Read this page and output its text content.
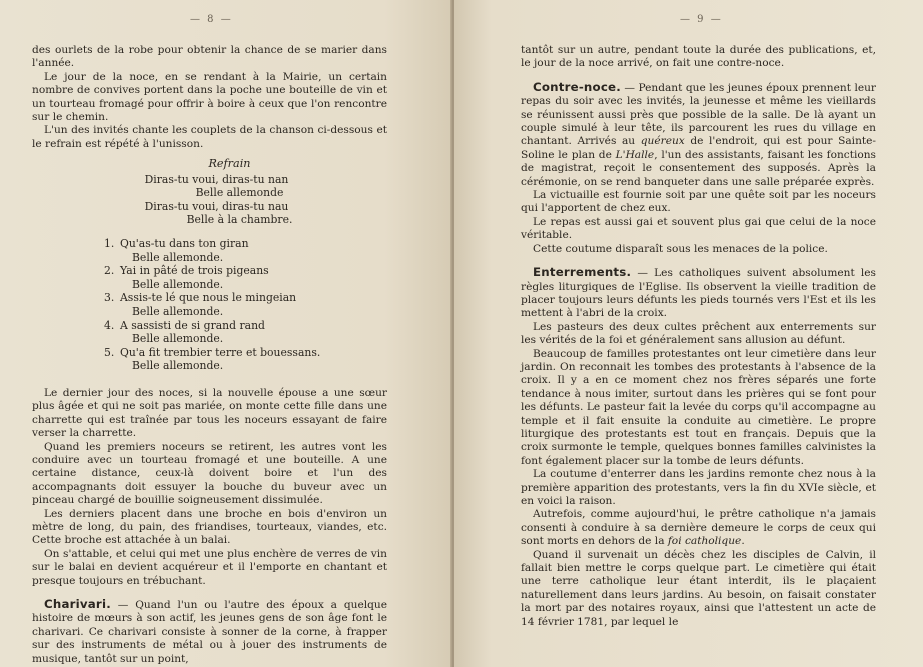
— 8 —

des ourlets de la robe pour obtenir la chance de se marier dans l'année.

Le jour de la noce, en se rendant à la Mairie, un certain nombre de convives portent dans la poche une bouteille de vin et un tourteau fromagé pour offrir à boire à ceux que l'on rencontre sur le chemin.

L'un des invités chante les couplets de la chanson ci-dessous et le refrain est répété à l'unisson.

Refrain
Diras-tu voui, diras-tu nan
Belle allemonde
Diras-tu voui, diras-tu nau
Belle à la chambre.
1. Qu'as-tu dans ton giran
Belle allemonde.
2. Yai in pâté de trois pigeans
Belle allemonde.
3. Assis-te lé que nous le mingeian
Belle allemonde.
4. A sassisti de si grand rand
Belle allemonde.
5. Qu'a fit trembier terre et bouessans.
Belle allemonde.

Le dernier jour des noces, si la nouvelle épouse a une sœur plus âgée et qui ne soit pas mariée, on monte cette fille dans une charrette qui est traînée par tous les noceurs essayant de faire verser la charrette.

Quand les premiers noceurs se retirent, les autres vont les conduire avec un tourteau fromagé et une bouteille. A une certaine distance, ceux-là doivent boire et l'un des accompagnants doit essuyer la bouche du buveur avec un pinceau chargé de bouillie soigneusement dissimulée.

Les derniers placent dans une broche en bois d'environ un mètre de long, du pain, des friandises, tourteaux, viandes, etc. Cette broche est attachée à un balai.

On s'attable, et celui qui met une plus enchère de verres de vin sur le balai en devient acquéreur et il l'emporte en chantant et presque toujours en trébuchant.

Charivari. — Quand l'un ou l'autre des époux a quelque histoire de mœurs à son actif, les jeunes gens de son âge font le charivari. Ce charivari consiste à sonner de la corne, à frapper sur des instruments de métal ou à jouer des instruments de musique, tantôt sur un point,

— 9 —

tantôt sur un autre, pendant toute la durée des publications, et, le jour de la noce arrivé, on fait une contre-noce.

Contre-noce. — Pendant que les jeunes époux prennent leur repas du soir avec les invités, la jeunesse et même les vieillards se réunissent aussi près que possible de la salle. De là ayant un couple simulé à leur tête, ils parcourent les rues du village en chantant. Arrivés au quéreux de l'endroit, qui est pour Sainte-Soline le plan de L'Halle, l'un des assistants, faisant les fonctions de magistrat, reçoit le consentement des supposés. Après la cérémonie, on se rend banqueter dans une salle préparée exprès.

La victuaille est fournie soit par une quête soit par les noceurs qui l'apportent de chez eux.

Le repas est aussi gai et souvent plus gai que celui de la noce véritable.

Cette coutume disparaît sous les menaces de la police.

Enterrements. — Les catholiques suivent absolument les règles liturgiques de l'Eglise. Ils observent la vieille tradition de placer toujours leurs défunts les pieds tournés vers l'Est et ils les mettent à l'abri de la croix.

Les pasteurs des deux cultes prêchent aux enterrements sur les vérités de la foi et généralement sans allusion au défunt.

Beaucoup de familles protestantes ont leur cimetière dans leur jardin. On reconnait les tombes des protestants à l'absence de la croix. Il y a en ce moment chez nos frères séparés une forte tendance à nous imiter, surtout dans les prières qui se font pour les défunts. Le pasteur fait la levée du corps qu'il accompagne au temple et il fait ensuite la conduite au cimetière. Le propre liturgique des protestants est tout en français. Depuis que la croix surmonte le temple, quelques bonnes familles calvinistes la font également placer sur la tombe de leurs défunts.

La coutume d'enterrer dans les jardins remonte chez nous à la première apparition des protestants, vers la fin du XVIe siècle, et en voici la raison.

Autrefois, comme aujourd'hui, le prêtre catholique n'a jamais consenti à conduire à sa dernière demeure le corps de ceux qui sont morts en dehors de la foi catholique.

Quand il survenait un décès chez les disciples de Calvin, il fallait bien mettre le corps quelque part. Le cimetière qui était une terre catholique leur étant interdit, ils le plaçaient naturellement dans leurs jardins. Au besoin, on faisait constater la mort par des notaires royaux, ainsi que l'attestent un acte de 14 février 1781, par lequel le
